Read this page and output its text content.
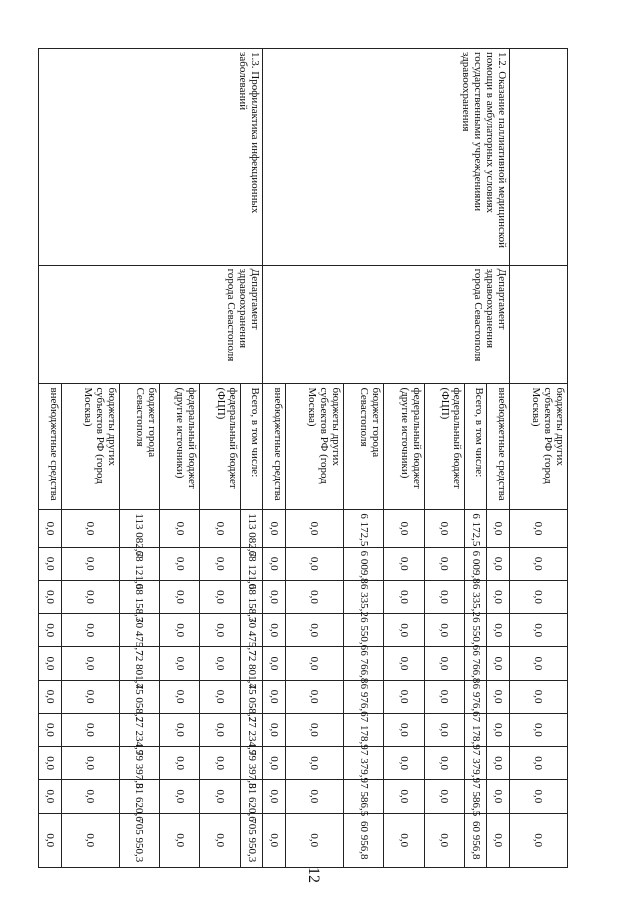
		бюджеты других субъектов РФ (город Москва)	0,0	0,0	0,0	0,0	0,0	0,0	0,0	0,0	0,0	0,0
1.2. Оказание паллиативной медицинской помощи в амбулаторных условиях государственными учреждениями здравоохранения	Департамент здравоохранения города Севастополя	внебюджетные средства	0,0	0,0	0,0	0,0	0,0	0,0	0,0	0,0	0,0	0,0
		Всего, в том числе:	6 172,5	6 009,8	6 335,2	6 550,6	6 766,8	6 976,6	7 178,9	7 379,9	7 586,5	60 956,8
		федеральный бюджет (ФЦП)	0,0	0,0	0,0	0,0	0,0	0,0	0,0	0,0	0,0	0,0
		федеральный бюджет (другие источники)	0,0	0,0	0,0	0,0	0,0	0,0	0,0	0,0	0,0	0,0
		бюджет города Севастополя	6 172,5	6 009,8	6 335,2	6 550,6	6 766,8	6 976,6	7 178,9	7 379,9	7 586,5	60 956,8
		бюджеты других субъектов РФ (город Москва)	0,0	0,0	0,0	0,0	0,0	0,0	0,0	0,0	0,0	0,0
		внебюджетные средства	0,0	0,0	0,0	0,0	0,0	0,0	0,0	0,0	0,0	0,0
1.3. Профилактика инфекционных заболеваний	Департамент здравоохранения города Севастополя	Всего, в том числе:	113 082,7	68 121,0	68 158,3	70 475,7	72 801,4	75 058,2	77 234,9	79 397,5	81 620,6	705 950,3
		федеральный бюджет (ФЦП)	0,0	0,0	0,0	0,0	0,0	0,0	0,0	0,0	0,0	0,0
		федеральный бюджет (другие источники)	0,0	0,0	0,0	0,0	0,0	0,0	0,0	0,0	0,0	0,0
		бюджет города Севастополя	113 082,7	68 121,0	68 158,3	70 475,7	72 801,4	75 058,2	77 234,9	79 397,5	81 620,6	705 950,3
		бюджеты других субъектов РФ (город Москва)	0,0	0,0	0,0	0,0	0,0	0,0	0,0	0,0	0,0	0,0
		внебюджетные средства	0,0	0,0	0,0	0,0	0,0	0,0	0,0	0,0	0,0	0,0
12
